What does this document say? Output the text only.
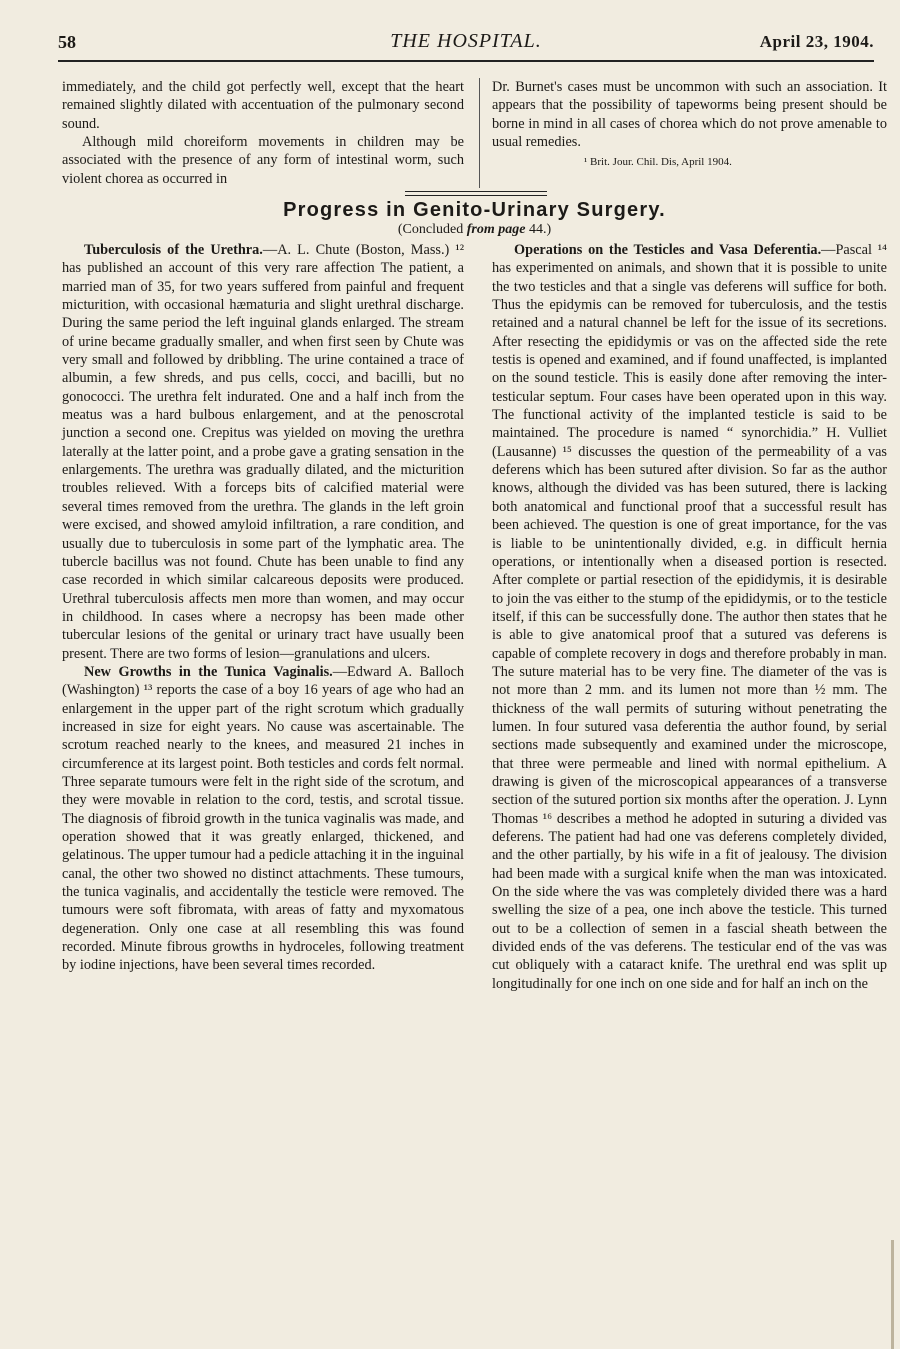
58	THE HOSPITAL.	April 23, 1904.

immediately, and the child got perfectly well, except that the heart remained slightly dilated with accentuation of the pulmonary second sound.

Although mild choreiform movements in children may be associated with the presence of any form of intestinal worm, such violent chorea as occurred in

Dr. Burnet's cases must be uncommon with such an association. It appears that the possibility of tapeworms being present should be borne in mind in all cases of chorea which do not prove amenable to usual remedies.

¹ Brit. Jour. Chil. Dis, April 1904.

Progress in Genito-Urinary Surgery.
(Concluded from page 44.)

Tuberculosis of the Urethra.—A. L. Chute (Boston, Mass.) ¹² has published an account of this very rare affection The patient, a married man of 35, for two years suffered from painful and frequent micturition, with occasional hæmaturia and slight urethral discharge. During the same period the left inguinal glands enlarged. The stream of urine became gradually smaller, and when first seen by Chute was very small and followed by dribbling. The urine contained a trace of albumin, a few shreds, and pus cells, cocci, and bacilli, but no gonococci. The urethra felt indurated. One and a half inch from the meatus was a hard bulbous enlargement, and at the penoscrotal junction a second one. Crepitus was yielded on moving the urethra laterally at the latter point, and a probe gave a grating sensation in the enlargements. The urethra was gradually dilated, and the micturition troubles relieved. With a forceps bits of calcified material were several times removed from the urethra. The glands in the left groin were excised, and showed amyloid infiltration, a rare condition, and usually due to tuberculosis in some part of the lymphatic area. The tubercle bacillus was not found. Chute has been unable to find any case recorded in which similar calcareous deposits were produced. Urethral tuberculosis affects men more than women, and may occur in childhood. In cases where a necropsy has been made other tubercular lesions of the genital or urinary tract have usually been present. There are two forms of lesion—granulations and ulcers.

New Growths in the Tunica Vaginalis.—Edward A. Balloch (Washington) ¹³ reports the case of a boy 16 years of age who had an enlargement in the upper part of the right scrotum which gradually increased in size for eight years. No cause was ascertainable. The scrotum reached nearly to the knees, and measured 21 inches in circumference at its largest point. Both testicles and cords felt normal. Three separate tumours were felt in the right side of the scrotum, and they were movable in relation to the cord, testis, and scrotal tissue. The diagnosis of fibroid growth in the tunica vaginalis was made, and operation showed that it was greatly enlarged, thickened, and gelatinous. The upper tumour had a pedicle attaching it in the inguinal canal, the other two showed no distinct attachments. These tumours, the tunica vaginalis, and accidentally the testicle were removed. The tumours were soft fibromata, with areas of fatty and myxomatous degeneration. Only one case at all resembling this was found recorded. Minute fibrous growths in hydroceles, following treatment by iodine injections, have been several times recorded.

Operations on the Testicles and Vasa Deferentia.—Pascal ¹⁴ has experimented on animals, and shown that it is possible to unite the two testicles and that a single vas deferens will suffice for both. Thus the epidymis can be removed for tuberculosis, and the testis retained and a natural channel be left for the issue of its secretions. After resecting the epididymis or vas on the affected side the rete testis is opened and examined, and if found unaffected, is implanted on the sound testicle. This is easily done after removing the inter-testicular septum. Four cases have been operated upon in this way. The functional activity of the implanted testicle is said to be maintained. The procedure is named “ synorchidia.” H. Vulliet (Lausanne) ¹⁵ discusses the question of the permeability of a vas deferens which has been sutured after division. So far as the author knows, although the divided vas has been sutured, there is lacking both anatomical and functional proof that a successful result has been achieved. The question is one of great importance, for the vas is liable to be unintentionally divided, e.g. in difficult hernia operations, or intentionally when a diseased portion is resected. After complete or partial resection of the epididymis, it is desirable to join the vas either to the stump of the epididymis, or to the testicle itself, if this can be successfully done. The author then states that he is able to give anatomical proof that a sutured vas deferens is capable of complete recovery in dogs and therefore probably in man. The suture material has to be very fine. The diameter of the vas is not more than 2 mm. and its lumen not more than ½ mm. The thickness of the wall permits of suturing without penetrating the lumen. In four sutured vasa deferentia the author found, by serial sections made subsequently and examined under the microscope, that three were permeable and lined with normal epithelium. A drawing is given of the microscopical appearances of a transverse section of the sutured portion six months after the operation. J. Lynn Thomas ¹⁶ describes a method he adopted in suturing a divided vas deferens. The patient had had one vas deferens completely divided, and the other partially, by his wife in a fit of jealousy. The division had been made with a surgical knife when the man was intoxicated. On the side where the vas was completely divided there was a hard swelling the size of a pea, one inch above the testicle. This turned out to be a collection of semen in a fascial sheath between the divided ends of the vas deferens. The testicular end of the vas was cut obliquely with a cataract knife. The urethral end was split up longitudinally for one inch on one side and for half an inch on the
